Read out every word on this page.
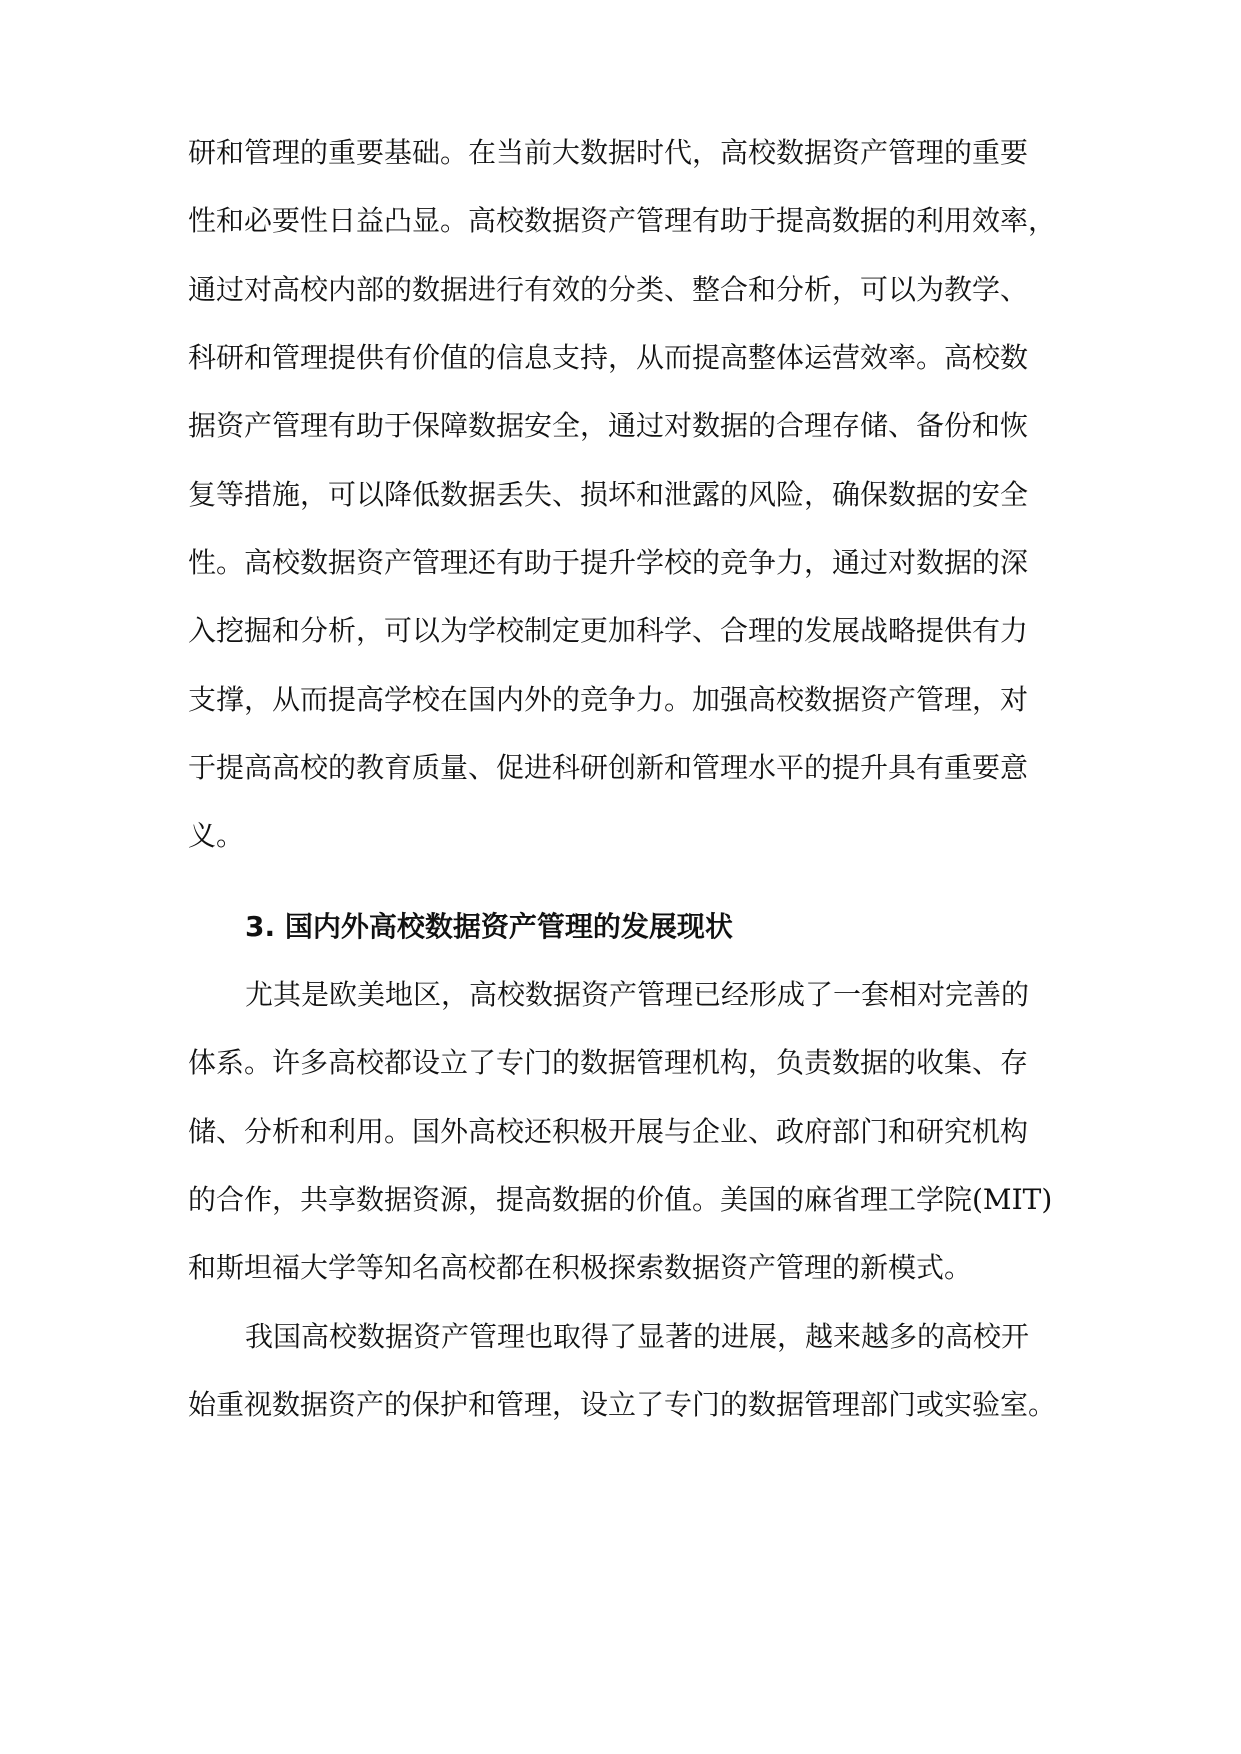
研和管理的重要基础。在当前大数据时代，高校数据资产管理的重要
性和必要性日益凸显。高校数据资产管理有助于提高数据的利用效率，
通过对高校内部的数据进行有效的分类、整合和分析，可以为教学、
科研和管理提供有价值的信息支持，从而提高整体运营效率。高校数
据资产管理有助于保障数据安全，通过对数据的合理存储、备份和恢
复等措施，可以降低数据丢失、损坏和泄露的风险，确保数据的安全
性。高校数据资产管理还有助于提升学校的竞争力，通过对数据的深
入挖掘和分析，可以为学校制定更加科学、合理的发展战略提供有力
支撑，从而提高学校在国内外的竞争力。加强高校数据资产管理，对
于提高高校的教育质量、促进科研创新和管理水平的提升具有重要意
义。
3. 国内外高校数据资产管理的发展现状
尤其是欧美地区，高校数据资产管理已经形成了一套相对完善的
体系。许多高校都设立了专门的数据管理机构，负责数据的收集、存
储、分析和利用。国外高校还积极开展与企业、政府部门和研究机构
的合作，共享数据资源，提高数据的价值。美国的麻省理工学院(MIT)
和斯坦福大学等知名高校都在积极探索数据资产管理的新模式。
我国高校数据资产管理也取得了显著的进展，越来越多的高校开
始重视数据资产的保护和管理，设立了专门的数据管理部门或实验室。
